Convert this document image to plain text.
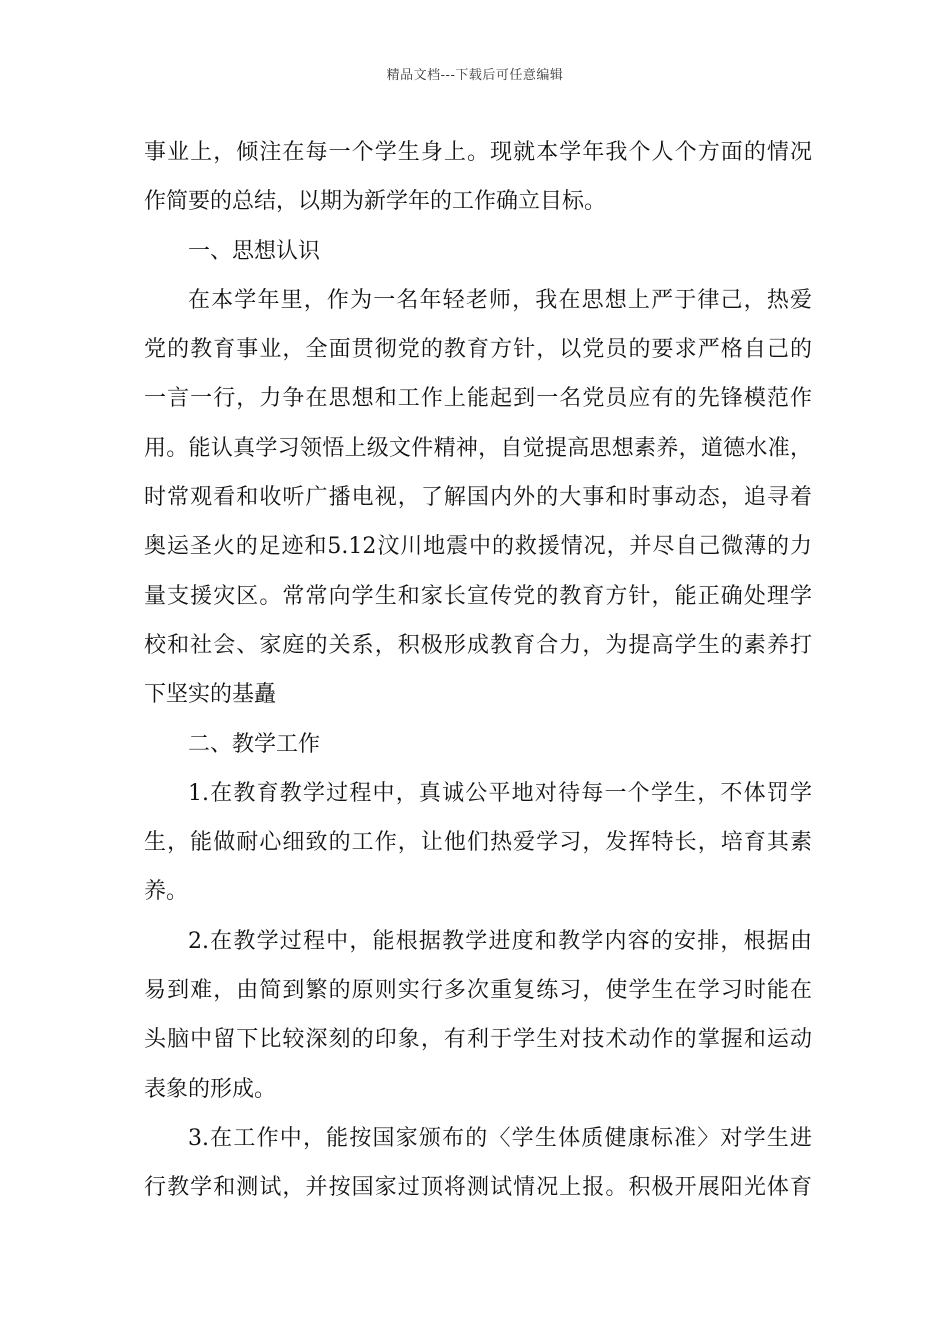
精品文档---下载后可任意编辑
事业上，倾注在每一个学生身上。现就本学年我个人个方面的情况
作简要的总结，以期为新学年的工作确立目标。
一、思想认识
在本学年里，作为一名年轻老师，我在思想上严于律己，热爱
党的教育事业，全面贯彻党的教育方针，以党员的要求严格自己的
一言一行，力争在思想和工作上能起到一名党员应有的先锋模范作
用。能认真学习领悟上级文件精神，自觉提高思想素养，道德水准，
时常观看和收听广播电视，了解国内外的大事和时事动态，追寻着
奥运圣火的足迹和5.12汶川地震中的救援情况，并尽自己微薄的力
量支援灾区。常常向学生和家长宣传党的教育方针，能正确处理学
校和社会、家庭的关系，积极形成教育合力，为提高学生的素养打
下坚实的基矗
二、教学工作
1.在教育教学过程中，真诚公平地对待每一个学生，不体罚学
生，能做耐心细致的工作，让他们热爱学习，发挥特长，培育其素
养。
2.在教学过程中，能根据教学进度和教学内容的安排，根据由
易到难，由简到繁的原则实行多次重复练习，使学生在学习时能在
头脑中留下比较深刻的印象，有利于学生对技术动作的掌握和运动
表象的形成。
3.在工作中，能按国家颁布的〈学生体质健康标准〉对学生进
行教学和测试，并按国家过顶将测试情况上报。积极开展阳光体育
